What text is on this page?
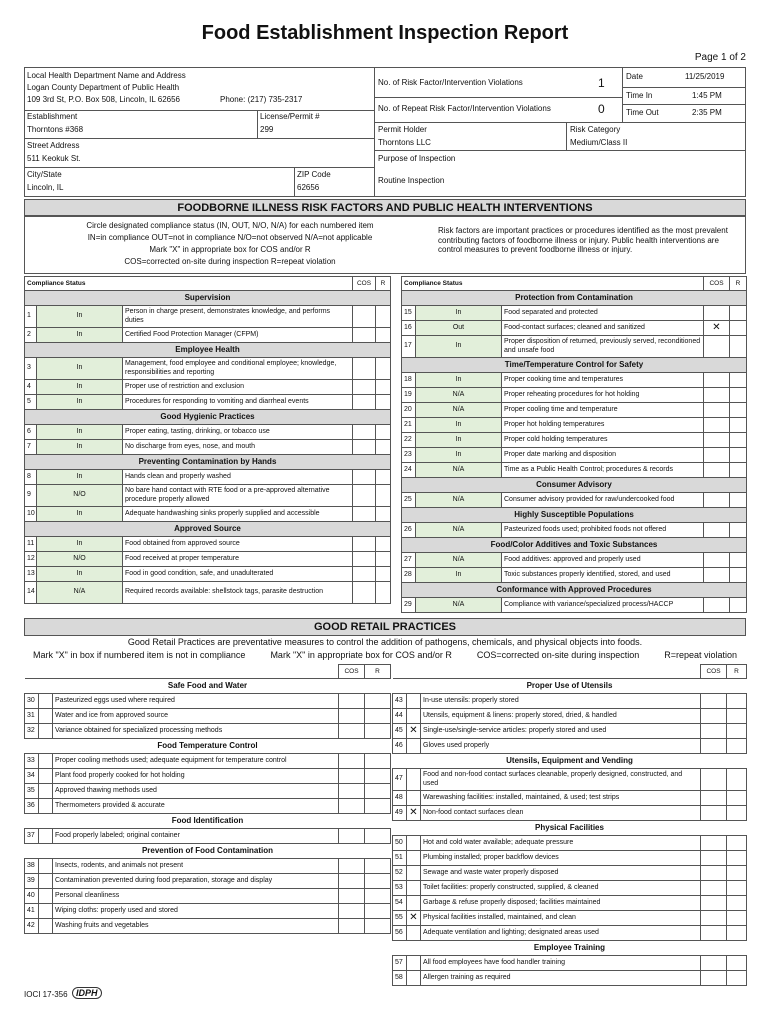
Food Establishment Inspection Report
Page 1 of 2
Local Health Department Name and Address
Logan County Department of Public Health
109 3rd St, P.O. Box 508, Lincoln, IL 62656	Phone: (217) 735-2317
Establishment
Thorntons #368
License/Permit #
299
Street Address
511 Keokuk St.
City/State
Lincoln, IL
ZIP Code
62656
No. of Risk Factor/Intervention Violations	1
No. of Repeat Risk Factor/Intervention Violations	0
Date	11/25/2019
Time In	1:45 PM
Time Out	2:35 PM
Permit Holder
Thorntons LLC
Risk Category
Medium/Class II
Purpose of Inspection
Routine Inspection
FOODBORNE ILLNESS RISK FACTORS AND PUBLIC HEALTH INTERVENTIONS
Circle designated compliance status (IN, OUT, N/O, N/A) for each numbered item
IN=in compliance OUT=not in compliance N/O=not observed N/A=not applicable
Mark "X" in appropriate box for COS and/or R
COS=corrected on-site during inspection R=repeat violation
Risk factors are important practices or procedures identified as the most prevalent contributing factors of foodborne illness or injury. Public health interventions are control measures to prevent foodborne illness or injury.
Compliance Status			COS	R
Supervision				
1	In	Person in charge present, demonstrates knowledge, and performs duties		
2	In	Certified Food Protection Manager (CFPM)		
Employee Health				
3	In	Management, food employee and conditional employee; knowledge, responsibilities and reporting		
4	In	Proper use of restriction and exclusion		
5	In	Procedures for responding to vomiting and diarrheal events		
Good Hygienic Practices				
6	In	Proper eating, tasting, drinking, or tobacco use		
7	In	No discharge from eyes, nose, and mouth		
Preventing Contamination by Hands				
8	In	Hands clean and properly washed		
9	N/O	No bare hand contact with RTE food or a pre-approved alternative procedure properly allowed		
10	In	Adequate handwashing sinks properly supplied and accessible		
Approved Source				
11	In	Food obtained from approved source		
12	N/O	Food received at proper temperature		
13	In	Food in good condition, safe, and unadulterated		
14	N/A	Required records available: shellstock tags, parasite destruction		
Compliance Status			COS	R
Protection from Contamination				
15	In	Food separated and protected		
16	Out	Food-contact surfaces; cleaned and sanitized	✕	
17	In	Proper disposition of returned, previously served, reconditioned and unsafe food		
Time/Temperature Control for Safety				
18	In	Proper cooking time and temperatures		
19	N/A	Proper reheating procedures for hot holding		
20	N/A	Proper cooling time and temperature		
21	In	Proper hot holding temperatures		
22	In	Proper cold holding temperatures		
23	In	Proper date marking and disposition		
24	N/A	Time as a Public Health Control; procedures & records		
Consumer Advisory				
25	N/A	Consumer advisory provided for raw/undercooked food		
Highly Susceptible Populations				
26	N/A	Pasteurized foods used; prohibited foods not offered		
Food/Color Additives and Toxic Substances				
27	N/A	Food additives: approved and properly used		
28	In	Toxic substances properly identified, stored, and used		
Conformance with Approved Procedures				
29	N/A	Compliance with variance/specialized process/HACCP		
GOOD RETAIL PRACTICES
Good Retail Practices are preventative measures to control the addition of pathogens, chemicals, and physical objects into foods.
Mark "X" in box if numbered item is not in compliance          Mark "X" in appropriate box for COS and/or R          COS=corrected on-site during inspection          R=repeat violation
			COS	R
Safe Food and Water				
30		Pasteurized eggs used where required		
31		Water and ice from approved source		
32		Variance obtained for specialized processing methods		
Food Temperature Control				
33		Proper cooling methods used; adequate equipment for temperature control		
34		Plant food properly cooked for hot holding		
35		Approved thawing methods used		
36		Thermometers provided & accurate		
Food Identification				
37		Food properly labeled; original container		
Prevention of Food Contamination				
38		Insects, rodents, and animals not present		
39		Contamination prevented during food preparation, storage and display		
40		Personal cleanliness		
41		Wiping cloths: properly used and stored		
42		Washing fruits and vegetables		
			COS	R
Proper Use of Utensils				
43		In-use utensils: properly stored		
44		Utensils, equipment & linens: properly stored, dried, & handled		
45	✕	Single-use/single-service articles: properly stored and used		
46		Gloves used properly		
Utensils, Equipment and Vending				
47		Food and non-food contact surfaces cleanable, properly designed, constructed, and used		
48		Warewashing facilities: installed, maintained, & used; test strips		
49	✕	Non-food contact surfaces clean		
Physical Facilities				
50		Hot and cold water available; adequate pressure		
51		Plumbing installed; proper backflow devices		
52		Sewage and waste water properly disposed		
53		Toilet facilities: properly constructed, supplied, & cleaned		
54		Garbage & refuse properly disposed; facilities maintained		
55	✕	Physical facilities installed, maintained, and clean		
56		Adequate ventilation and lighting; designated areas used		
Employee Training				
57		All food employees have food handler training		
58		Allergen training as required		
IOCI 17-356 IDPH
